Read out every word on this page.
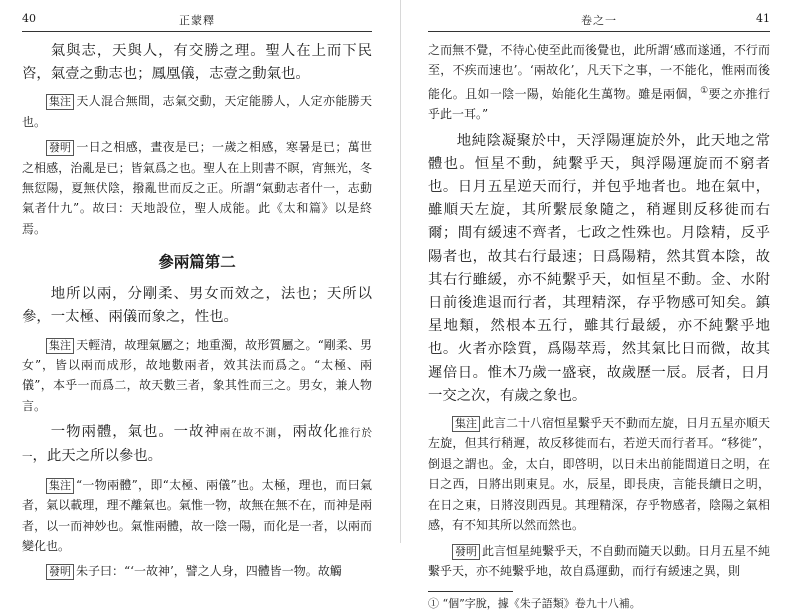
40	正蒙釋

氣與志，天與人，有交勝之理。聖人在上而下民咨，氣壹之動志也；鳳凰儀，志壹之動氣也。

集注 天人混合無間，志氣交動，天定能勝人，人定亦能勝天也。

發明 一日之相感，晝夜是已；一歲之相感，寒暑是已；萬世之相感，治亂是已；皆氣爲之也。聖人在上則書不瞑，宵無光，冬無愆陽，夏無伏陰，撥亂世而反之正。所謂“氣動志者什一，志動氣者什九”。故曰：天地設位，聖人成能。此《太和篇》以是終焉。

參兩篇第二

地所以兩，分剛柔、男女而效之，法也；天所以參，一太極、兩儀而象之，性也。

集注 天輕清，故理氣屬之；地重濁，故形質屬之。“剛柔、男女”，皆以兩而成形，故地數兩者，效其法而爲之。“太極、兩儀”，本乎一而爲二，故天數三者，象其性而三之。男女，兼人物言。

一物兩體，氣也。一故神兩在故不測，兩故化推行於一，此天之所以參也。

集注 “一物兩體”，即“太極、兩儀”也。太極，理也，而曰氣者，氣以載理，理不離氣也。氣惟一物，故無在無不在，而神是兩者，以一而神妙也。氣惟兩體，故一陰一陽，而化是一者，以兩而變化也。

發明 朱子曰：“‘一故神’，譬之人身，四體皆一物。故觸

卷之一	41

之而無不覺，不待心使至此而後覺也，此所謂‘感而遂通，不行而至，不疾而速也’。‘兩故化’，凡天下之事，一不能化，惟兩而後能化。且如一陰一陽，始能化生萬物。雖是兩個，①要之亦推行乎此一耳。”

地純陰凝聚於中，天浮陽運旋於外，此天地之常體也。恒星不動，純繫乎天，與浮陽運旋而不窮者也。日月五星逆天而行，并包乎地者也。地在氣中，雖順天左旋，其所繫辰象隨之，稍遲則反移徙而右爾；間有緩速不齊者，七政之性殊也。月陰精，反乎陽者也，故其右行最速；日爲陽精，然其質本陰，故其右行雖緩，亦不純繫乎天，如恒星不動。金、水附日前後進退而行者，其理精深，存乎物感可知矣。鎮星地類，然根本五行，雖其行最緩，亦不純繫乎地也。火者亦陰質，爲陽萃焉，然其氣比日而微，故其遲倍日。惟木乃歲一盛衰，故歲歷一辰。辰者，日月一交之次，有歲之象也。

集注 此言二十八宿恒星繫乎天不動而左旋，日月五星亦順天左旋，但其行稍遲，故反移徙而右，若逆天而行者耳。“移徙”，倒退之謂也。金，太白，即啓明，以日未出前能間道日之明，在日之西，日將出則東見。水，辰星，即長庚，言能長續日之明，在日之東，日將沒則西見。其理精深，存乎物感者，陰陽之氣相感，有不知其所以然而然也。

發明 此言恒星純繫乎天，不自動而隨天以動。日月五星不純繫乎天，亦不純繫乎地，故自爲運動，而行有緩速之異，則

① “個”字脫，據《朱子語類》卷九十八補。
